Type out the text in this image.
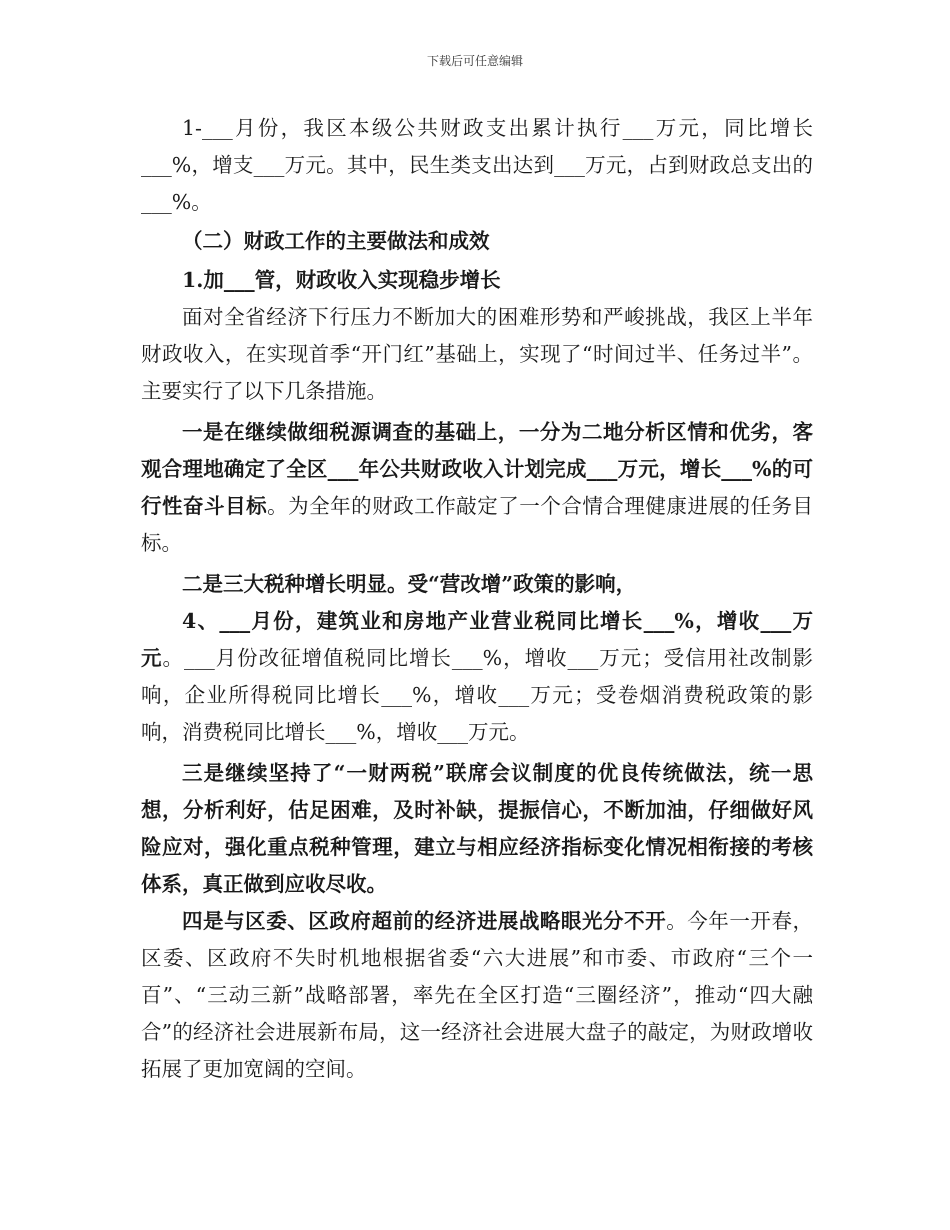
下载后可任意编辑

1-___月份，我区本级公共财政支出累计执行___万元，同比增长___%，增支___万元。其中，民生类支出达到___万元，占到财政总支出的___%。

（二）财政工作的主要做法和成效

1.加___管，财政收入实现稳步增长

面对全省经济下行压力不断加大的困难形势和严峻挑战，我区上半年财政收入，在实现首季“开门红”基础上，实现了“时间过半、任务过半”。主要实行了以下几条措施。

一是在继续做细税源调查的基础上，一分为二地分析区情和优劣，客观合理地确定了全区___年公共财政收入计划完成___万元，增长___%的可行性奋斗目标。为全年的财政工作敲定了一个合情合理健康进展的任务目标。

二是三大税种增长明显。受“营改增”政策的影响，

4、___月份，建筑业和房地产业营业税同比增长___%，增收___万元。___月份改征增值税同比增长___%，增收___万元；受信用社改制影响，企业所得税同比增长___%，增收___万元；受卷烟消费税政策的影响，消费税同比增长___%，增收___万元。

三是继续坚持了“一财两税”联席会议制度的优良传统做法，统一思想，分析利好，估足困难，及时补缺，提振信心，不断加油，仔细做好风险应对，强化重点税种管理，建立与相应经济指标变化情况相衔接的考核体系，真正做到应收尽收。

四是与区委、区政府超前的经济进展战略眼光分不开。今年一开春，区委、区政府不失时机地根据省委“六大进展”和市委、市政府“三个一百”、“三动三新”战略部署，率先在全区打造“三圈经济”，推动“四大融合”的经济社会进展新布局，这一经济社会进展大盘子的敲定，为财政增收拓展了更加宽阔的空间。
